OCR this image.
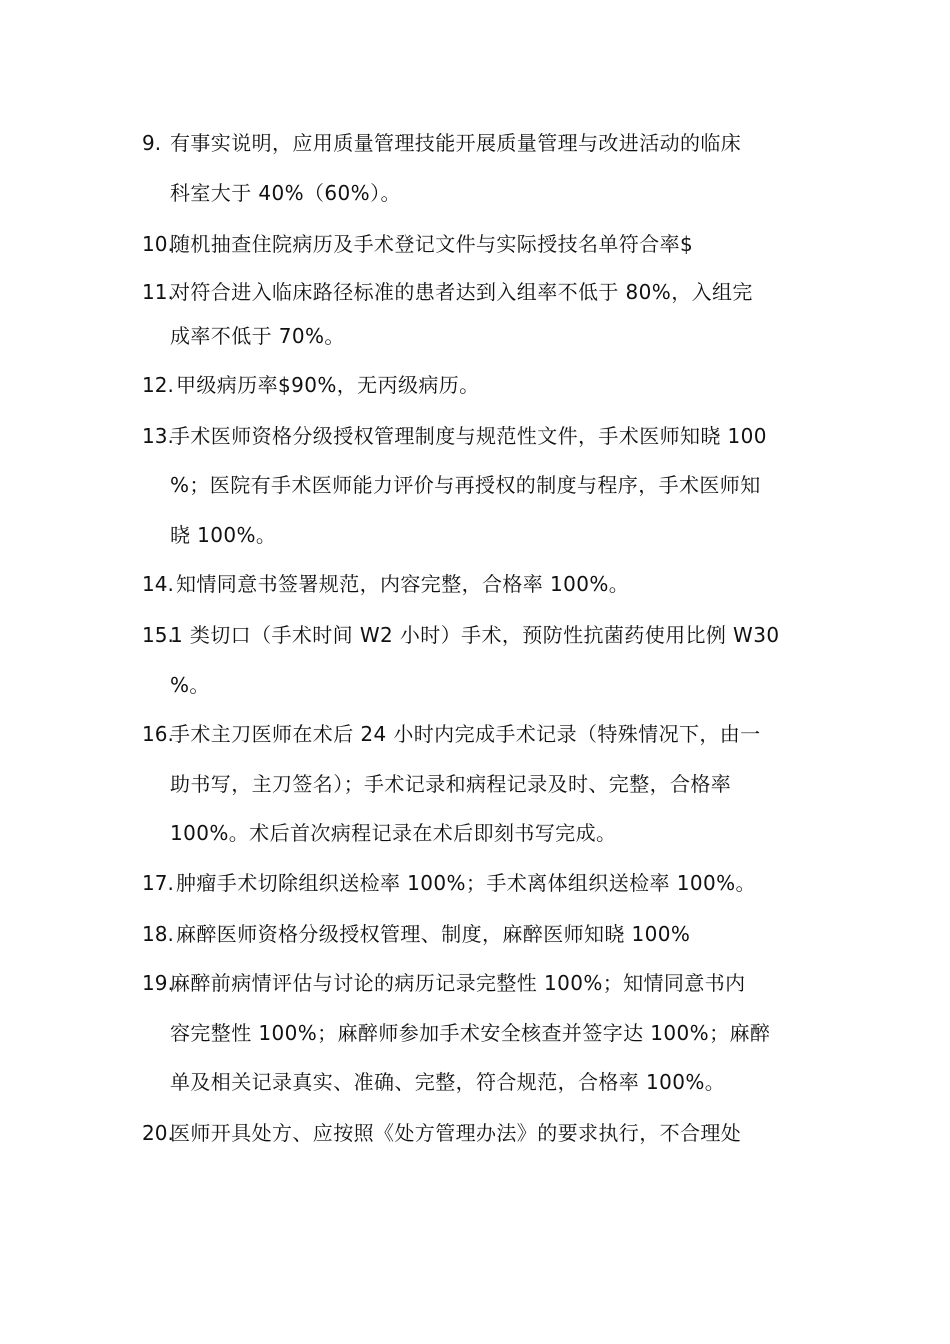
9. 有事实说明，应用质量管理技能开展质量管理与改进活动的临床
科室大于 40%（60%）。
10.
随机抽查住院病历及手术登记文件与实际授技名单符合率$
11.
对符合进入临床路径标准的患者达到入组率不低于 80%，入组完
成率不低于 70%。
12. 甲级病历率$90%，无丙级病历。
13.
手术医师资格分级授权管理制度与规范性文件，手术医师知晓 100
%；医院有手术医师能力评价与再授权的制度与程序，手术医师知
晓 100%。
14. 知情同意书签署规范，内容完整，合格率 100%。
15.
1 类切口（手术时间 W2 小时）手术，预防性抗菌药使用比例 W30
%。
16.
手术主刀医师在术后 24 小时内完成手术记录（特殊情况下，由一
助书写，主刀签名）；手术记录和病程记录及时、完整，合格率
100%。术后首次病程记录在术后即刻书写完成。
17. 肿瘤手术切除组织送检率 100%；手术离体组织送检率 100%。
18. 麻醉医师资格分级授权管理、制度，麻醉医师知晓 100%
19.
麻醉前病情评估与讨论的病历记录完整性 100%；知情同意书内
容完整性 100%；麻醉师参加手术安全核查并签字达 100%；麻醉
单及相关记录真实、准确、完整，符合规范，合格率 100%。
20.
医师开具处方、应按照《处方管理办法》的要求执行，不合理处
